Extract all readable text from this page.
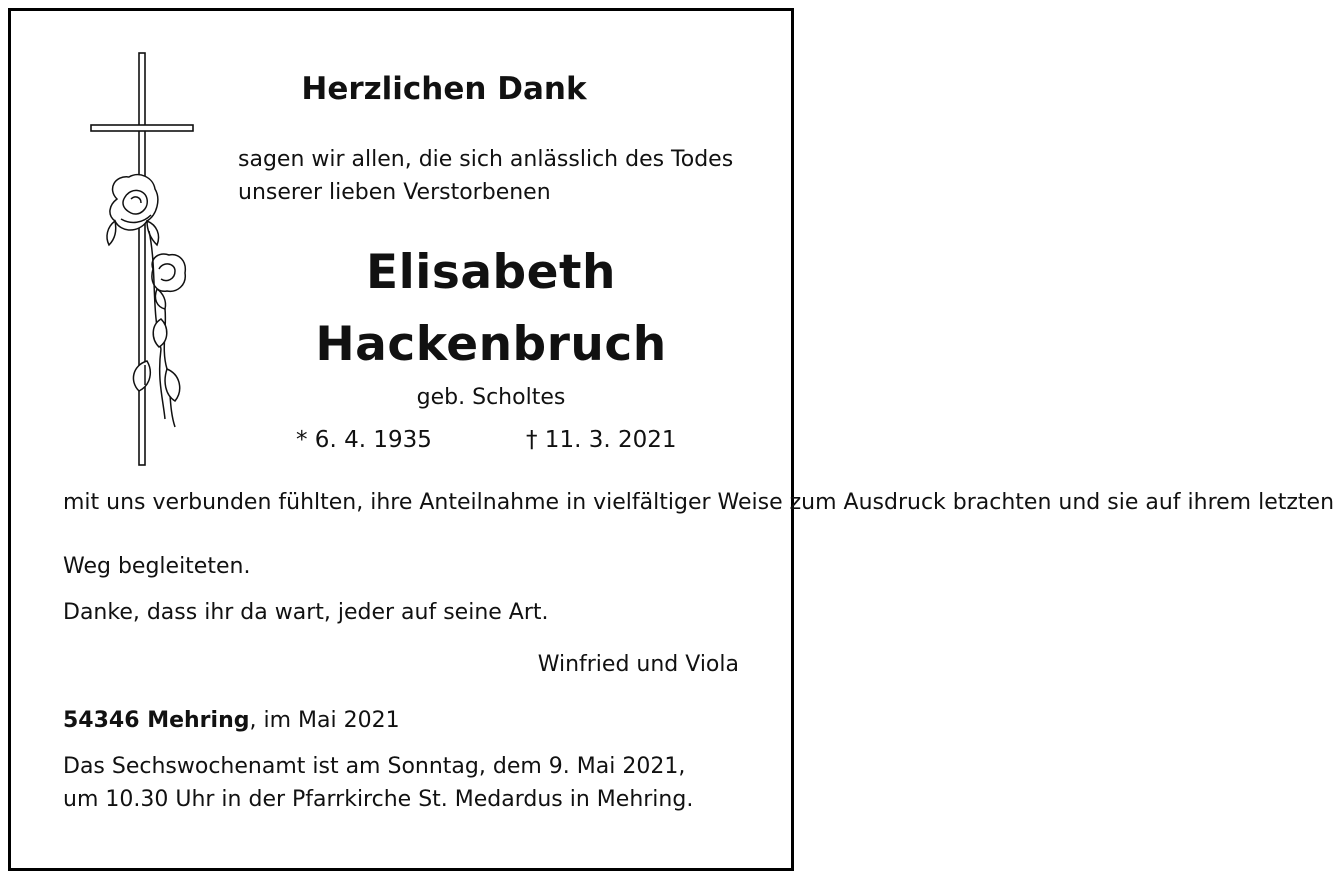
Herzlichen Dank
sagen wir allen, die sich anlässlich des Todes
unserer lieben Verstorbenen
Elisabeth
Hackenbruch
geb. Scholtes
* 6. 4. 1935	† 11. 3. 2021
mit uns verbunden fühlten, ihre Anteilnahme in vielfältiger Weise zum Ausdruck brachten und sie auf ihrem letzten
Weg begleiteten.
Danke, dass ihr da wart, jeder auf seine Art.
Winfried und Viola
54346 Mehring, im Mai 2021
Das Sechswochenamt ist am Sonntag, dem 9. Mai 2021,
um 10.30 Uhr in der Pfarrkirche St. Medardus in Mehring.
